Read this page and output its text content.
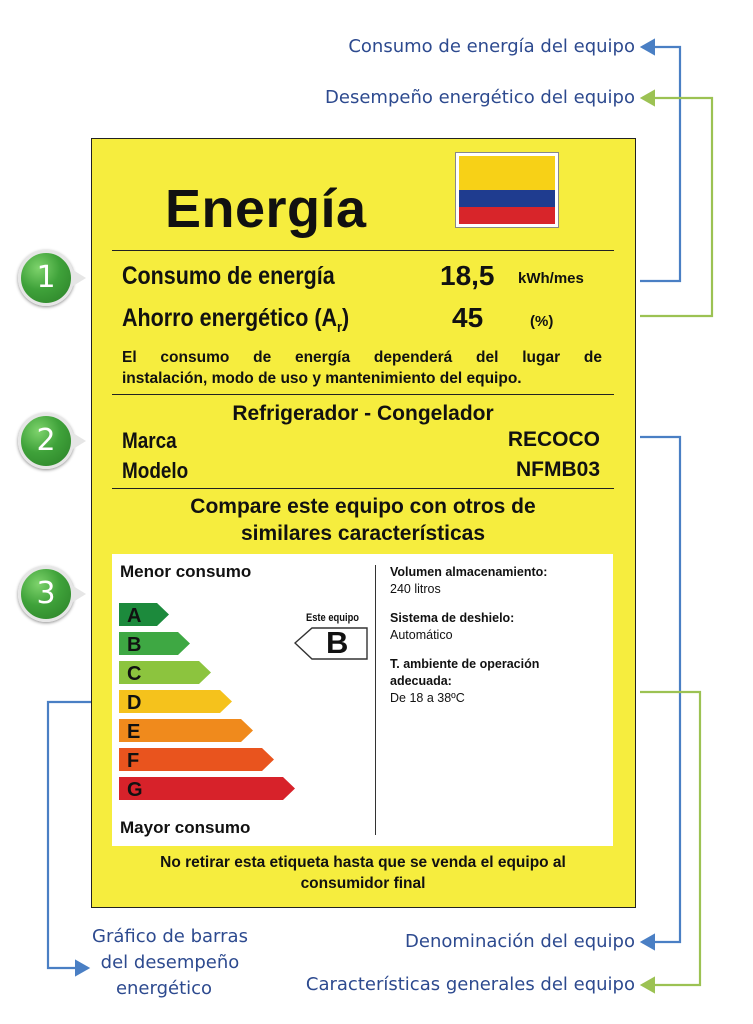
Consumo de energía del equipo
Desempeño energético del equipo
Denominación del equipo
Características generales del equipo
Gráfico de barras
del desempeño
energético
1
2
3
Energía
Consumo de energía	18,5 kWh/mes
Ahorro energético $(A_r)$	45	(%)
El consumo de energía dependerá del lugar de
instalación, modo de uso y mantenimiento del equipo.
Refrigerador - Congelador
Marca	RECOCO
Modelo	NFMB03
Compare este equipo con otros de
similares características
Menor consumo
Mayor consumo
A
B
C
D
E
F
G
Este equipo
B
Volumen almacenamiento:
240 litros
Sistema de deshielo:
Automático
T. ambiente de operación
adecuada:
De 18 a 38ºC
No retirar esta etiqueta hasta que se venda el equipo al
consumidor final
